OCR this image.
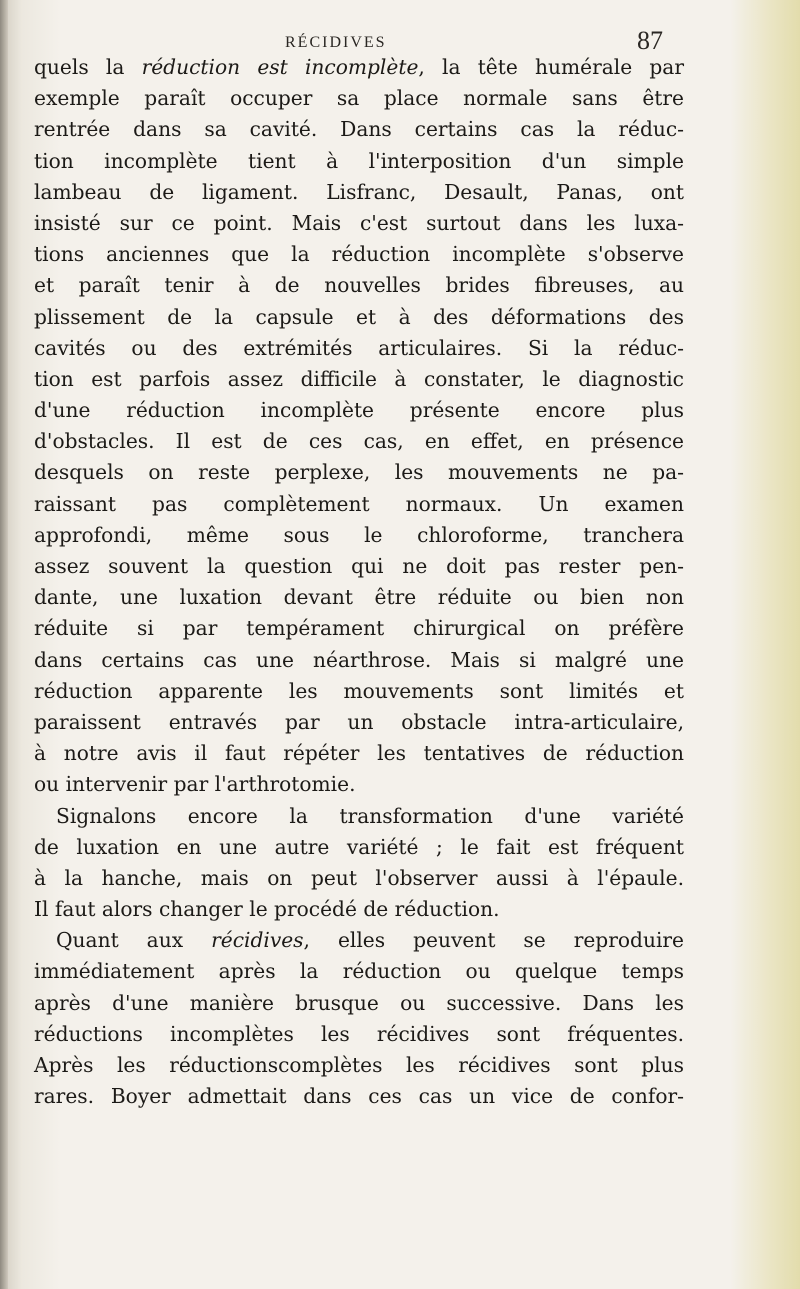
RÉCIDIVES	87
quels la réduction est incomplète, la tête humérale par
exemple paraît occuper sa place normale sans être
rentrée dans sa cavité. Dans certains cas la réduc-
tion incomplète tient à l'interposition d'un simple
lambeau de ligament. Lisfranc, Desault, Panas, ont
insisté sur ce point. Mais c'est surtout dans les luxa-
tions anciennes que la réduction incomplète s'observe
et paraît tenir à de nouvelles brides fibreuses, au
plissement de la capsule et à des déformations des
cavités ou des extrémités articulaires. Si la réduc-
tion est parfois assez difficile à constater, le diagnostic
d'une réduction incomplète présente encore plus
d'obstacles. Il est de ces cas, en effet, en présence
desquels on reste perplexe, les mouvements ne pa-
raissant pas complètement normaux. Un examen
approfondi, même sous le chloroforme, tranchera
assez souvent la question qui ne doit pas rester pen-
dante, une luxation devant être réduite ou bien non
réduite si par tempérament chirurgical on préfère
dans certains cas une néarthrose. Mais si malgré une
réduction apparente les mouvements sont limités et
paraissent entravés par un obstacle intra-articulaire,
à notre avis il faut répéter les tentatives de réduction
ou intervenir par l'arthrotomie.
Signalons encore la transformation d'une variété
de luxation en une autre variété ; le fait est fréquent
à la hanche, mais on peut l'observer aussi à l'épaule.
Il faut alors changer le procédé de réduction.
Quant aux récidives, elles peuvent se reproduire
immédiatement après la réduction ou quelque temps
après d'une manière brusque ou successive. Dans les
réductions incomplètes les récidives sont fréquentes.
Après les réductionscomplètes les récidives sont plus
rares. Boyer admettait dans ces cas un vice de confor-
